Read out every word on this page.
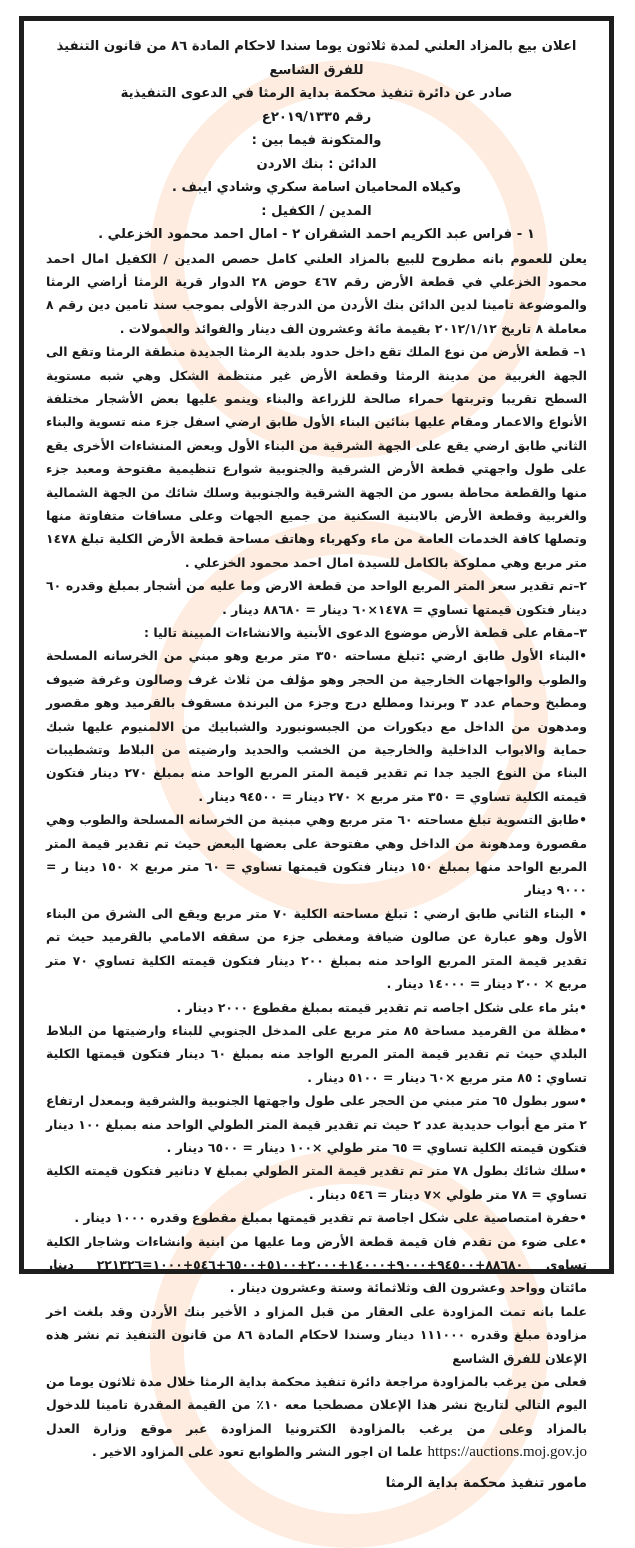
اعلان بيع بالمزاد العلني لمدة ثلاثون يوما سندا لاحكام المادة ٨٦ من قانون التنفيذ للفرق الشاسع

صادر عن دائرة تنفيذ محكمة بداية الرمثا في الدعوى التنفيذية

رقم ٢٠١٩/١٣٣٥ع

والمتكونة فيما بين :

الدائن : بنك الاردن

وكيلاه المحاميان اسامة سكري وشادي ايبف .

المدين / الكفيل :

١ - فراس عبد الكريم احمد الشقران ٢ - امال احمد محمود الخزعلي .

يعلن للعموم بانه مطروح للبيع بالمزاد العلني كامل حصص المدين / الكفيل امال احمد محمود الخزعلي في قطعة الأرض رقم ٤٦٧ حوض ٢٨ الدوار قرية الرمثا أراضي الرمثا والموضوعة تامينا لدين الدائن بنك الأردن من الدرجة الأولى بموجب سند تامين دين رقم ٨ معاملة ٨ تاريخ ٢٠١٢/١/١٢ بقيمة مائة وعشرون الف دينار والفوائد والعمولات .

١– قطعة الأرض من نوع الملك تقع داخل حدود بلدية الرمثا الجديدة منطقة الرمثا وتقع الى الجهة الغربية من مدينة الرمثا وقطعة الأرض غير منتظمة الشكل وهي شبه مستوية السطح تقريبا وتربتها حمراء صالحة للزراعة والبناء وينمو عليها بعض الأشجار مختلفة الأنواع والاعمار ومقام عليها بنائين البناء الأول طابق ارضي اسفل جزء منه تسوية والبناء الثاني طابق ارضي يقع على الجهة الشرقية من البناء الأول وبعض المنشاءات الأخرى يقع على طول واجهتي قطعة الأرض الشرقية والجنوبية شوارع تنظيمية مفتوحة ومعبد جزء منها والقطعة محاطة بسور من الجهة الشرقية والجنوبية وسلك شائك من الجهة الشمالية والغربية وقطعة الأرض بالابنية السكنية من جميع الجهات وعلى مسافات متفاوتة منها وتصلها كافة الخدمات العامة من ماء وكهرباء وهاتف مساحة قطعة الأرض الكلية تبلغ ١٤٧٨ متر مربع وهي مملوكة بالكامل للسيدة امال احمد محمود الخزعلي .

٢–تم تقدير سعر المتر المربع الواحد من قطعة الارض وما عليه من أشجار بمبلغ وقدره ٦٠ دينار فتكون قيمتها تساوي = ١٤٧٨×٦٠ دينار = ٨٨٦٨٠ دينار .

٣–مقام على قطعة الأرض موضوع الدعوى الأبنية والانشاءات المبينة تاليا :

•البناء الأول طابق ارضي :تبلغ مساحته ٣٥٠ متر مربع وهو مبني من الخرسانه المسلحة والطوب والواجهات الخارجية من الحجر وهو مؤلف من ثلاث غرف وصالون وغرفة ضيوف ومطبخ وحمام عدد ٣ وبرندا ومطلع درج وجزء من البرندة مسقوف بالقرميد وهو مقصور ومدهون من الداخل مع ديكورات من الجبسونبورد والشبابيك من الالمنيوم عليها شبك حماية والابواب الداخلية والخارجية من الخشب والحديد وارضيته من البلاط وتشطيبات البناء من النوع الجيد جدا تم تقدير قيمة المتر المربع الواحد منه بمبلغ ٢٧٠ دينار فتكون قيمته الكلية تساوي = ٣٥٠ متر مربع × ٢٧٠ دينار = ٩٤٥٠٠ دينار .

•طابق التسوية تبلغ مساحته ٦٠ متر مربع وهي مبنية من الخرسانه المسلحة والطوب وهي مقصورة ومدهونة من الداخل وهي مفتوحة على بعضها البعض حيث تم تقدير قيمة المتر المربع الواحد منها بمبلغ ١٥٠ دينار فتكون قيمتها تساوي = ٦٠ متر مربع × ١٥٠ دينا ر = ٩٠٠٠ دينار

• البناء الثاني طابق ارضي : تبلغ مساحته الكلية ٧٠ متر مربع ويقع الى الشرق من البناء الأول وهو عبارة عن صالون ضيافة ومغطى جزء من سقفه الامامي بالقرميد حيث تم تقدير قيمة المتر المربع الواحد منه بمبلغ ٢٠٠ دينار فتكون قيمته الكلية تساوي ٧٠ متر مربع × ٢٠٠ دينار = ١٤٠٠٠ دينار .

•بئر ماء على شكل اجاصه تم تقدير قيمته بمبلغ مقطوع ٢٠٠٠ دينار .

•مظلة من القرميد مساحة ٨٥ متر مربع على المدخل الجنوبي للبناء وارضيتها من البلاط البلدي حيث تم تقدير قيمة المتر المربع الواجد منه بمبلغ ٦٠ دينار فتكون قيمتها الكلية تساوي : ٨٥ متر مربع ×٦٠ دينار = ٥١٠٠ دينار .

•سور بطول ٦٥ متر مبني من الحجر على طول واجهتها الجنوبية والشرقية وبمعدل ارتفاع ٢ متر مع أبواب حديدية عدد ٢ حيث تم تقدير قيمة المتر الطولي الواحد منه بمبلغ ١٠٠ دينار فتكون قيمته الكلية تساوي = ٦٥ متر طولي ×١٠٠ دينار = ٦٥٠٠ دينار .

•سلك شائك بطول ٧٨ متر تم تقدير قيمة المتر الطولي بمبلغ ٧ دنانير فتكون قيمته الكلية تساوي = ٧٨ متر طولي ×٧ دينار = ٥٤٦ دينار .

•حفرة امتصاصية على شكل اجاصة تم تقدير قيمتها بمبلغ مقطوع وقدره ١٠٠٠ دينار .

•على ضوء من تقدم فان قيمة قطعة الأرض وما عليها من ابنية وانشاءات وشاجار الكلية تساوي ٨٨٦٨٠+٩٤٥٠٠+٩٠٠٠+١٤٠٠٠+٢٠٠٠+٥١٠٠+٦٥٠٠+٥٤٦+١٠٠٠=٢٢١٣٢٦ دينار مائتان وواحد وعشرون الف وثلاثمائة وستة وعشرون دينار .

علما بانه تمت المزاودة على العقار من قبل المزاو د الأخير بنك الأردن وقد بلغت اخر مزاودة مبلغ وقدره ١١١٠٠٠ دينار وسندا لاحكام المادة ٨٦ من قانون التنفيذ تم نشر هذه الإعلان للفرق الشاسع

فعلى من يرغب بالمزاودة مراجعة دائرة تنفيذ محكمة بداية الرمثا خلال مدة ثلاثون يوما من اليوم التالي لتاريخ نشر هذا الإعلان مصطحبا معه ١٠٪ من القيمة المقدرة تامينا للدخول بالمزاد وعلى من يرغب بالمزاودة الكترونيا المزاودة عبر موقع وزارة العدل https://auctions.moj.gov.jo علما ان اجور النشر والطوابع تعود على المزاود الاخير .

مامور تنفيذ محكمة بداية الرمثا
